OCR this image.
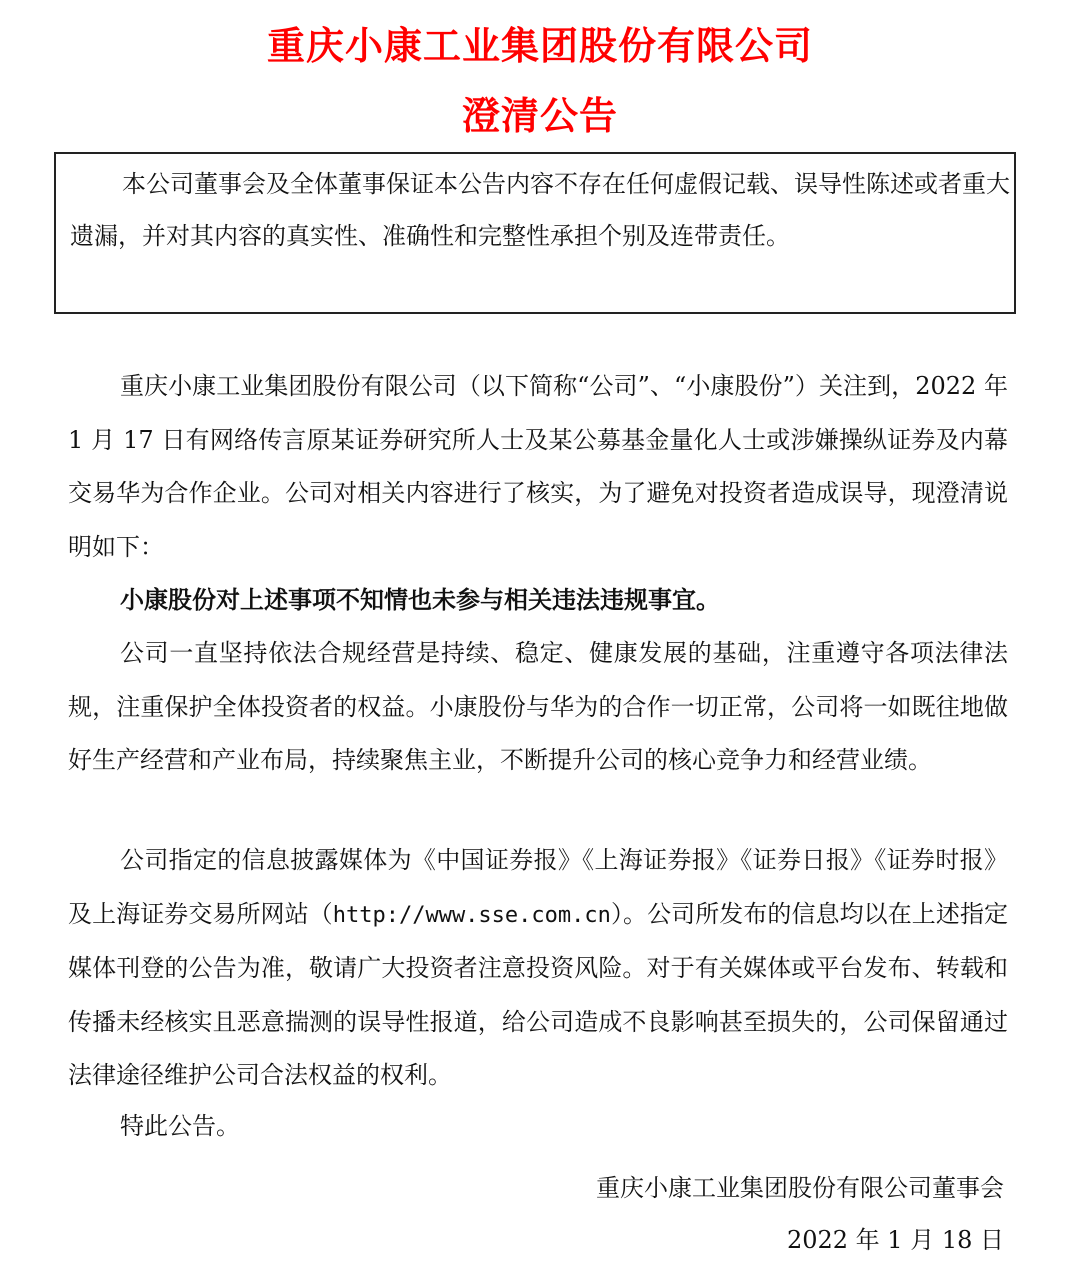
重庆小康工业集团股份有限公司
澄清公告

本公司董事会及全体董事保证本公告内容不存在任何虚假记载、误导性陈述或者重大遗漏，并对其内容的真实性、准确性和完整性承担个别及连带责任。

重庆小康工业集团股份有限公司（以下简称“公司”、“小康股份”）关注到，2022 年 1 月 17 日有网络传言原某证券研究所人士及某公募基金量化人士或涉嫌操纵证券及内幕交易华为合作企业。公司对相关内容进行了核实，为了避免对投资者造成误导，现澄清说明如下：

小康股份对上述事项不知情也未参与相关违法违规事宜。

公司一直坚持依法合规经营是持续、稳定、健康发展的基础，注重遵守各项法律法规，注重保护全体投资者的权益。小康股份与华为的合作一切正常，公司将一如既往地做好生产经营和产业布局，持续聚焦主业，不断提升公司的核心竞争力和经营业绩。

公司指定的信息披露媒体为《中国证券报》《上海证券报》《证券日报》《证券时报》及上海证券交易所网站（http://www.sse.com.cn）。公司所发布的信息均以在上述指定媒体刊登的公告为准，敬请广大投资者注意投资风险。对于有关媒体或平台发布、转载和传播未经核实且恶意揣测的误导性报道，给公司造成不良影响甚至损失的，公司保留通过法律途径维护公司合法权益的权利。

特此公告。

重庆小康工业集团股份有限公司董事会
2022 年 1 月 18 日
